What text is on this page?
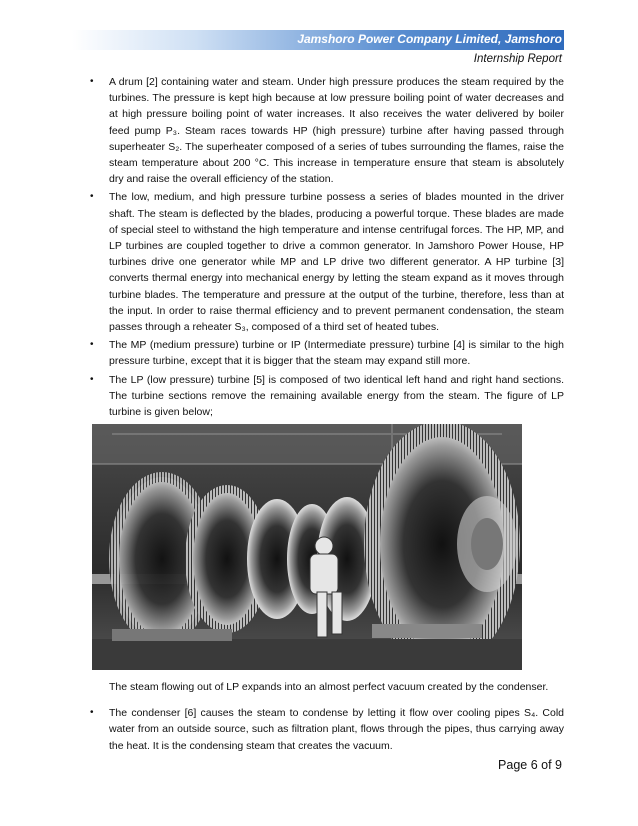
Jamshoro Power Company Limited, Jamshoro
Internship Report
• A drum [2] containing water and steam. Under high pressure produces the steam required by the turbines. The pressure is kept high because at low pressure boiling point of water decreases and at high pressure boiling point of water increases. It also receives the water delivered by boiler feed pump P₃. Steam races towards HP (high pressure) turbine after having passed through superheater S₂. The superheater composed of a series of tubes surrounding the flames, raise the steam temperature about 200 °C. This increase in temperature ensure that steam is absolutely dry and raise the overall efficiency of the station.
• The low, medium, and high pressure turbine possess a series of blades mounted in the driver shaft. The steam is deflected by the blades, producing a powerful torque. These blades are made of special steel to withstand the high temperature and intense centrifugal forces. The HP, MP, and LP turbines are coupled together to drive a common generator. In Jamshoro Power House, HP turbines drive one generator while MP and LP drive two different generator. A HP turbine [3] converts thermal energy into mechanical energy by letting the steam expand as it moves through turbine blades. The temperature and pressure at the output of the turbine, therefore, less than at the input. In order to raise thermal efficiency and to prevent permanent condensation, the steam passes through a reheater S₃, composed of a third set of heated tubes.
• The MP (medium pressure) turbine or IP (Intermediate pressure) turbine [4] is similar to the high pressure turbine, except that it is bigger that the steam may expand still more.
• The LP (low pressure) turbine [5] is composed of two identical left hand and right hand sections. The turbine sections remove the remaining available energy from the steam. The figure of LP turbine is given below;
The steam flowing out of LP expands into an almost perfect vacuum created by the condenser.
• The condenser [6] causes the steam to condense by letting it flow over cooling pipes S₄. Cold water from an outside source, such as filtration plant, flows through the pipes, thus carrying away the heat. It is the condensing steam that creates the vacuum.
Page 6 of 9
